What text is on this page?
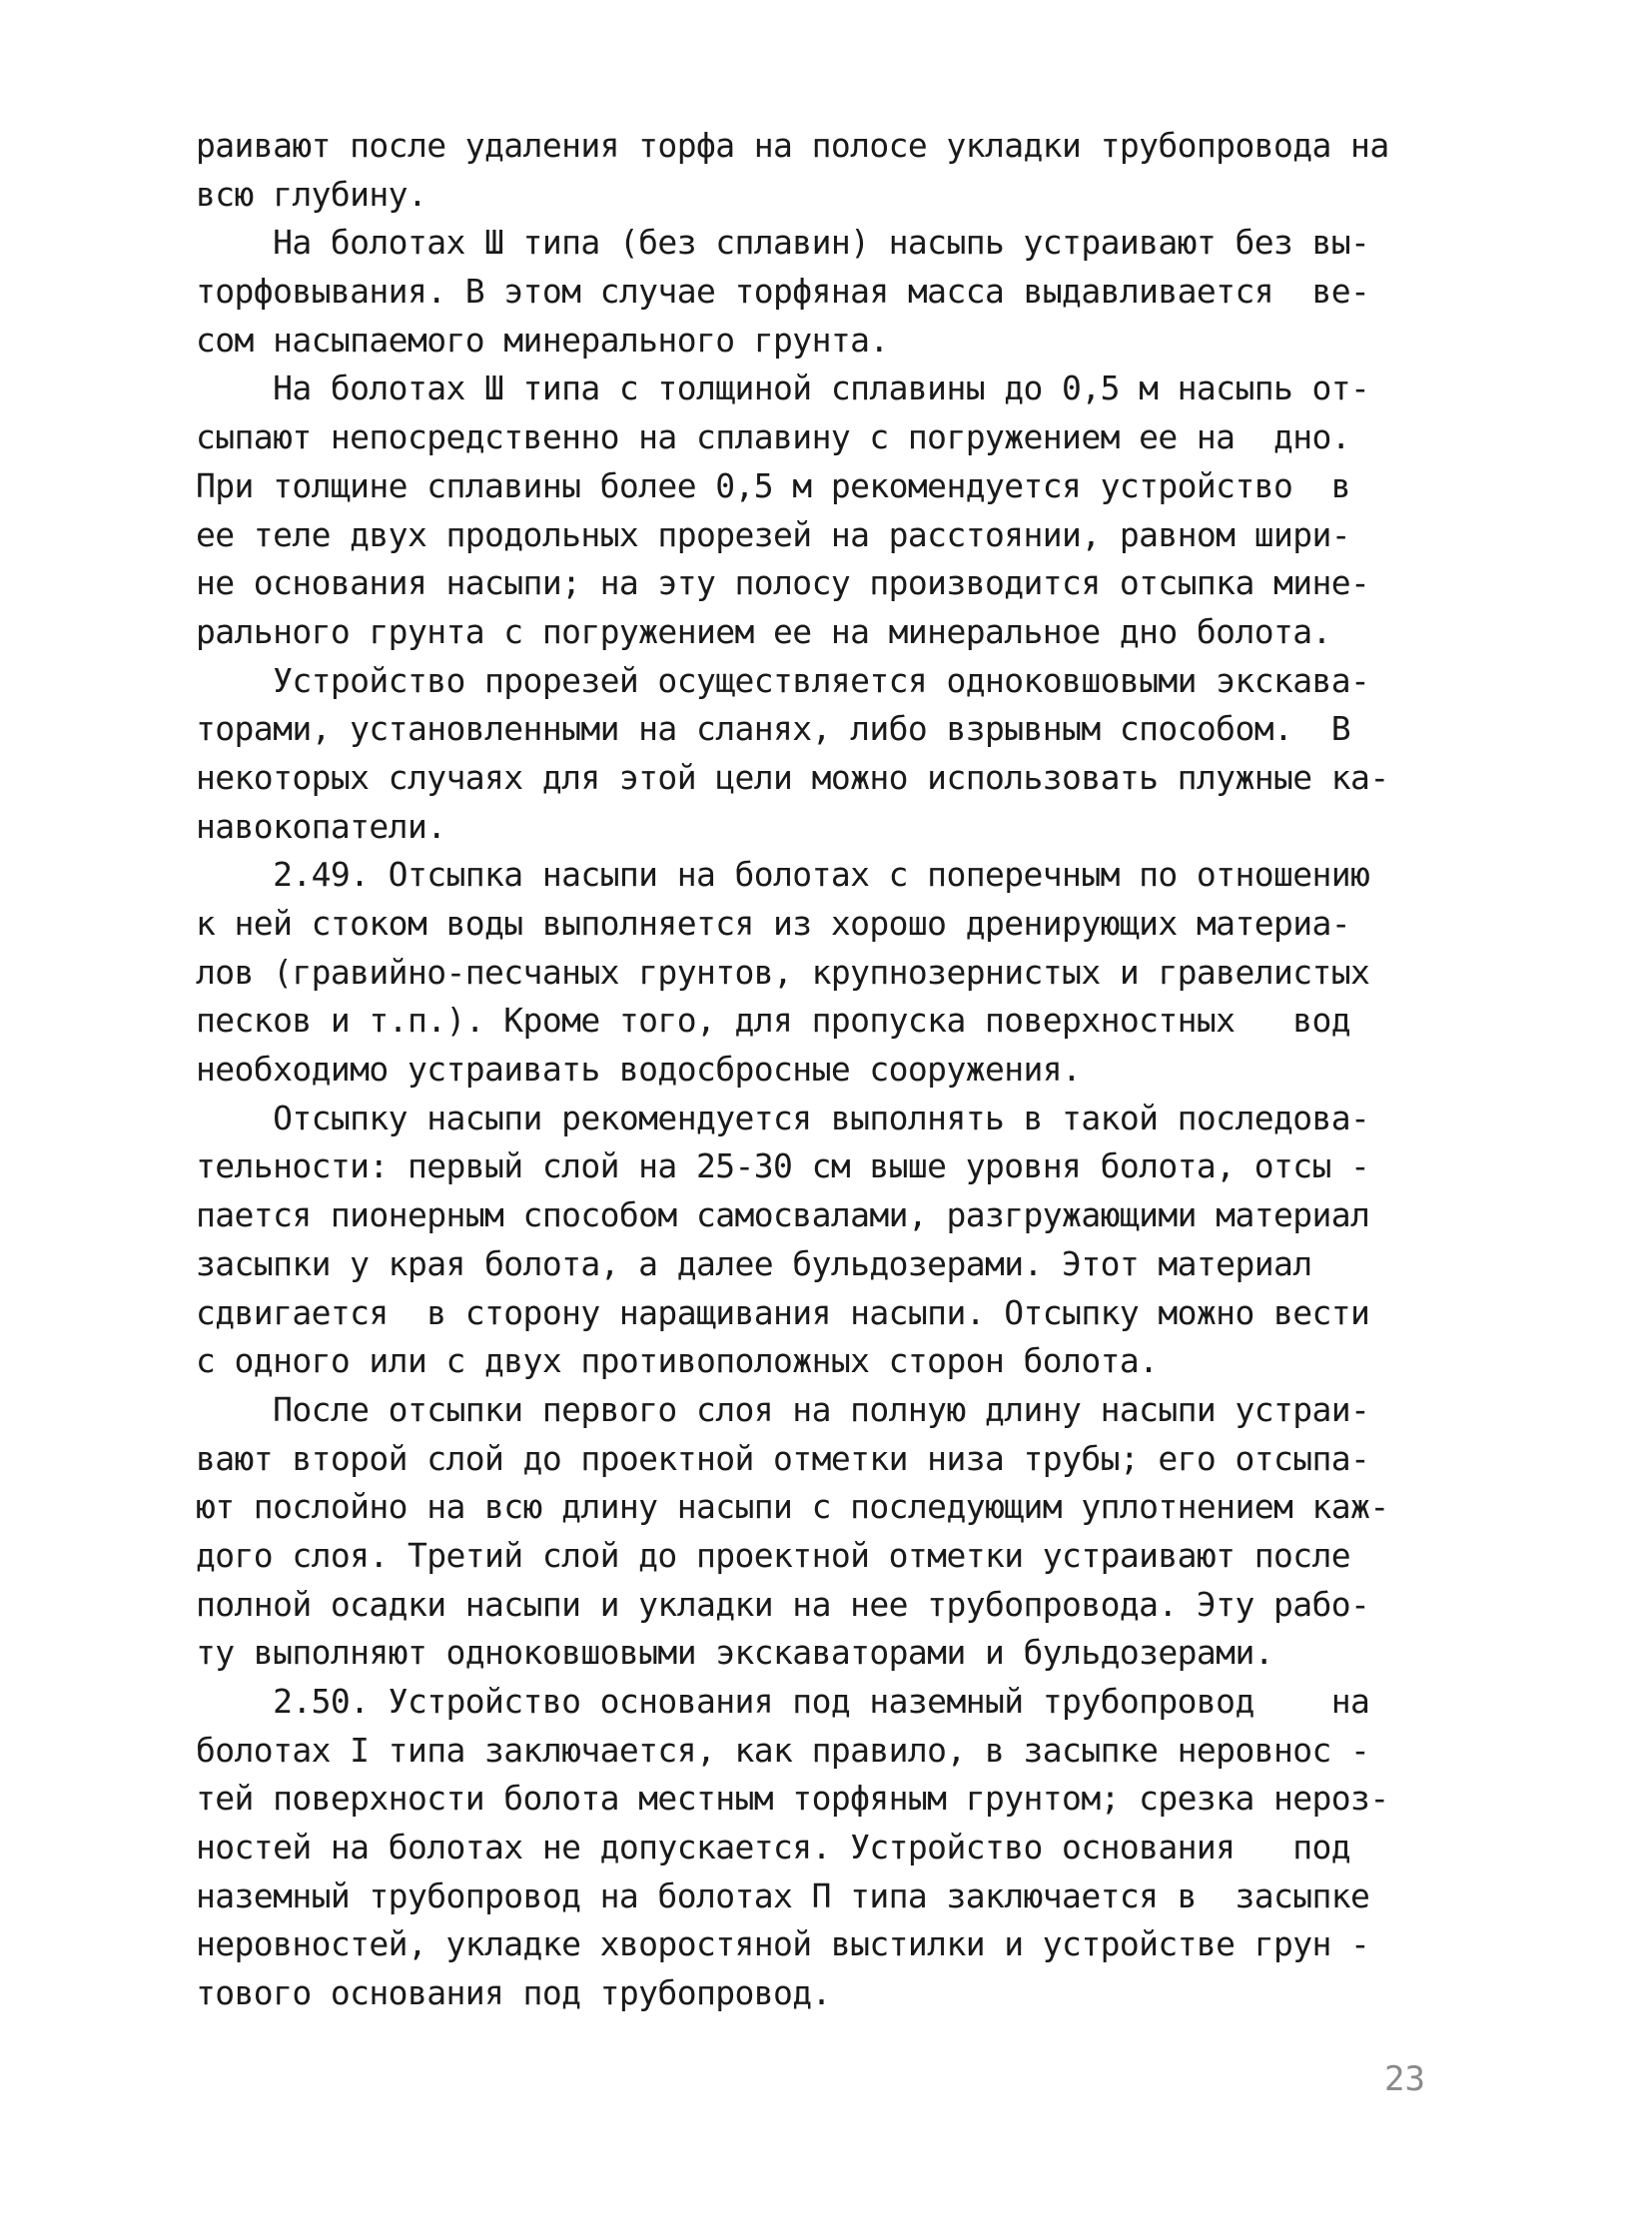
раивают после удаления торфа на полосе укладки трубопровода на
всю глубину.
На болотах Ш типа (без сплавин) насыпь устраивают без вы-
торфовывания. В этом случае торфяная масса выдавливается  ве-
сом насыпаемого минерального грунта.
На болотах Ш типа с толщиной сплавины до 0,5 м насыпь от-
сыпают непосредственно на сплавину с погружением ее на  дно.
При толщине сплавины более 0,5 м рекомендуется устройство  в
ее теле двух продольных прорезей на расстоянии, равном шири-
не основания насыпи; на эту полосу производится отсыпка мине-
рального грунта с погружением ее на минеральное дно болота.
Устройство прорезей осуществляется одноковшовыми экскава-
торами, установленными на сланях, либо взрывным способом.  В
некоторых случаях для этой цели можно использовать плужные ка-
навокопатели.
2.49. Отсыпка насыпи на болотах с поперечным по отношению
к ней стоком воды выполняется из хорошо дренирующих материа-
лов (гравийно-песчаных грунтов, крупнозернистых и гравелистых
песков и т.п.). Кроме того, для пропуска поверхностных   вод
необходимо устраивать водосбросные сооружения.
Отсыпку насыпи рекомендуется выполнять в такой последова-
тельности: первый слой на 25-30 см выше уровня болота, отсы -
пается пионерным способом самосвалами, разгружающими материал
засыпки у края болота, а далее бульдозерами. Этот материал
сдвигается  в сторону наращивания насыпи. Отсыпку можно вести
с одного или с двух противоположных сторон болота.
После отсыпки первого слоя на полную длину насыпи устраи-
вают второй слой до проектной отметки низа трубы; его отсыпа-
ют послойно на всю длину насыпи с последующим уплотнением каж-
дого слоя. Третий слой до проектной отметки устраивают после
полной осадки насыпи и укладки на нее трубопровода. Эту рабо-
ту выполняют одноковшовыми экскаваторами и бульдозерами.
2.50. Устройство основания под наземный трубопровод    на
болотах I типа заключается, как правило, в засыпке неровнос -
тей поверхности болота местным торфяным грунтом; срезка нероз-
ностей на болотах не допускается. Устройство основания   под
наземный трубопровод на болотах П типа заключается в  засыпке
неровностей, укладке хворостяной выстилки и устройстве грун -
тового основания под трубопровод.
23
